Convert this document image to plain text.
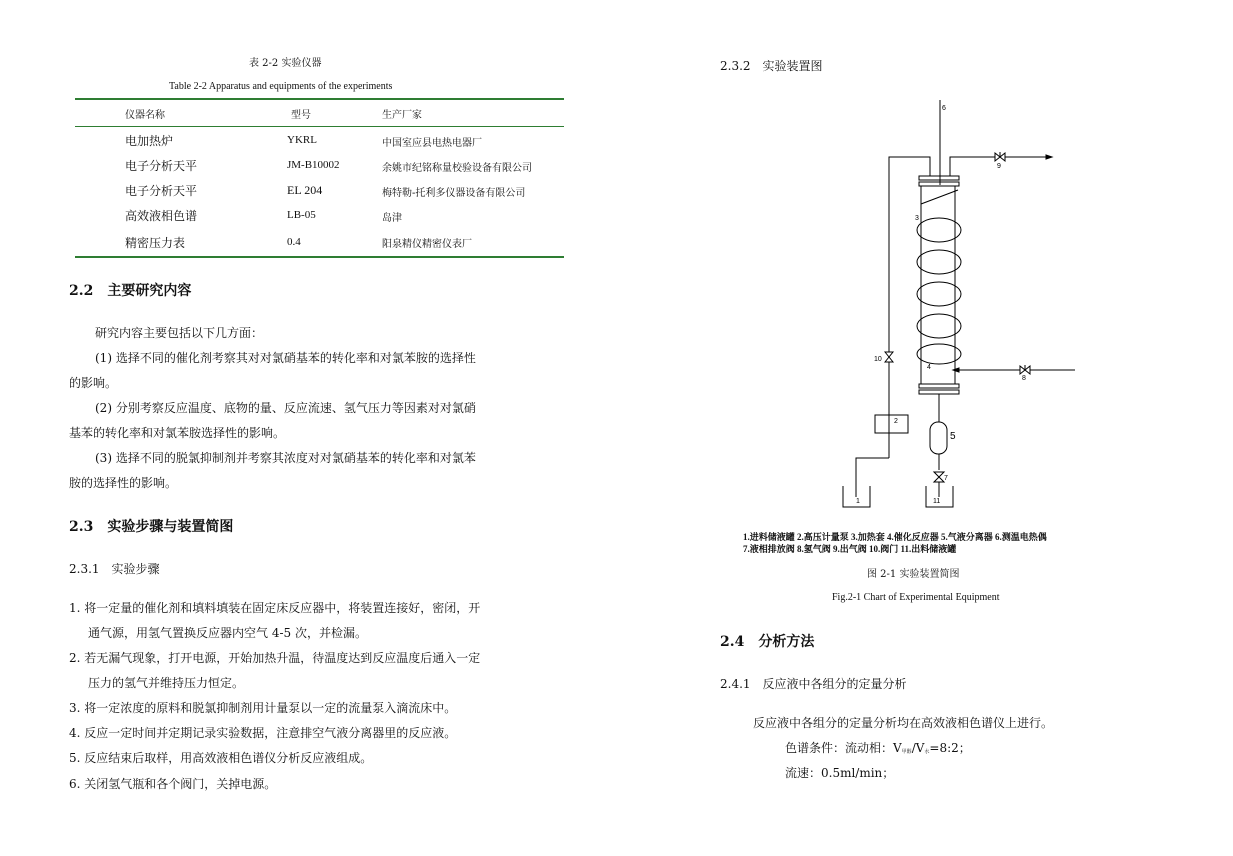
表 2-2 实验仪器
Table 2-2 Apparatus and equipments of the experiments
仪器名称	型号	生产厂家
电加热炉	YKRL	中国室应县电热电器厂
电子分析天平	JM-B10002	余姚市纪铭称量校验设备有限公司
电子分析天平	EL 204	梅特勒-托利多仪器设备有限公司
高效液相色谱	LB-05	岛津
精密压力表	0.4	阳泉精仪精密仪表厂
2.2　主要研究内容
研究内容主要包括以下几方面：
(1) 选择不同的催化剂考察其对对氯硝基苯的转化率和对氯苯胺的选择性
的影响。
(2) 分别考察反应温度、底物的量、反应流速、氢气压力等因素对对氯硝
基苯的转化率和对氯苯胺选择性的影响。
(3) 选择不同的脱氯抑制剂并考察其浓度对对氯硝基苯的转化率和对氯苯
胺的选择性的影响。
2.3　实验步骤与装置简图
2.3.1　实验步骤
1. 将一定量的催化剂和填料填装在固定床反应器中，将装置连接好，密闭，开
通气源，用氢气置换反应器内空气 4-5 次，并检漏。
2. 若无漏气现象，打开电源，开始加热升温，待温度达到反应温度后通入一定
压力的氢气并维持压力恒定。
3. 将一定浓度的原料和脱氯抑制剂用计量泵以一定的流量泵入滴流床中。
4. 反应一定时间并定期记录实验数据，注意排空气液分离器里的反应液。
5. 反应结束后取样，用高效液相色谱仪分析反应液组成。
6. 关闭氢气瓶和各个阀门，关掉电源。
2.3.2　实验装置图
1
2
3
4
5
6
7
8
9
10
11
1.进料储液罐 2.高压计量泵 3.加热套 4.催化反应器 5.气液分离器 6.测温电热偶
7.液相排放阀 8.氢气阀 9.出气阀 10.阀门 11.出料储液罐
图 2-1 实验装置简图
Fig.2-1 Chart of Experimental Equipment
2.4　分析方法
2.4.1　反应液中各组分的定量分析
反应液中各组分的定量分析均在高效液相色谱仪上进行。
色谱条件：流动相：$V_{甲醇}/V_水=8:2$；
流速：0.5ml/min；
